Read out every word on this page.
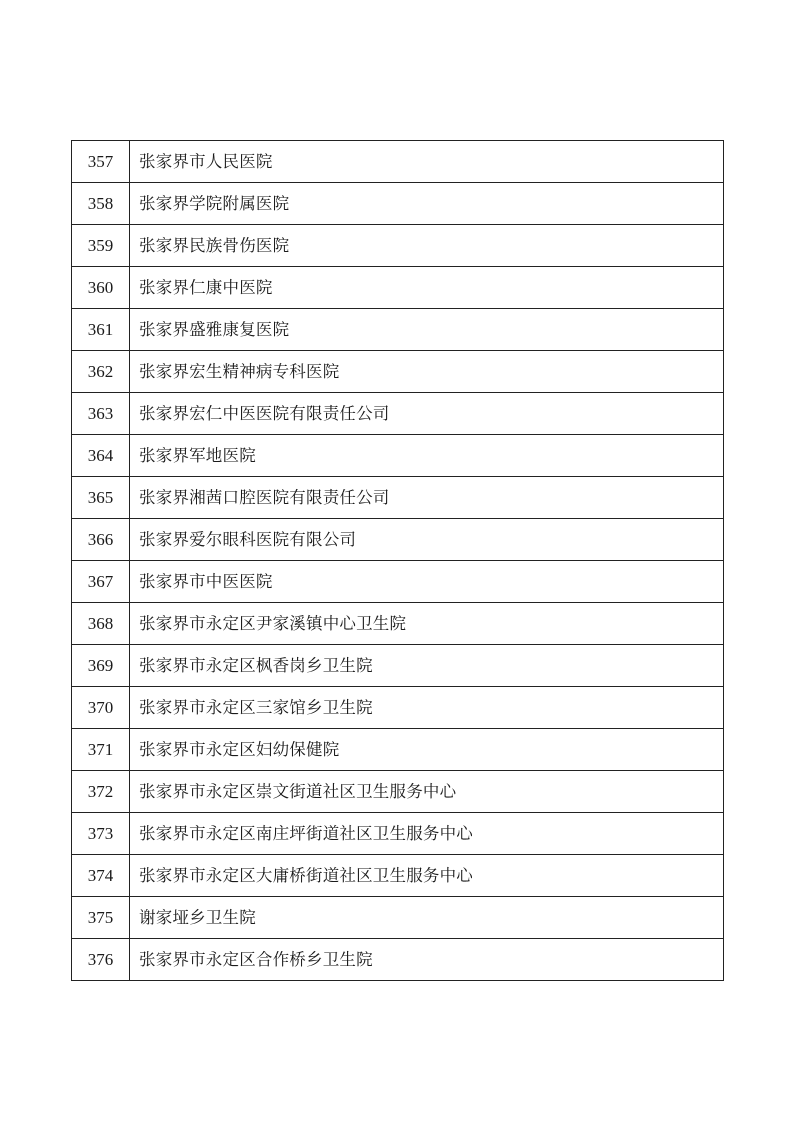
357	张家界市人民医院
358	张家界学院附属医院
359	张家界民族骨伤医院
360	张家界仁康中医院
361	张家界盛雅康复医院
362	张家界宏生精神病专科医院
363	张家界宏仁中医医院有限责任公司
364	张家界军地医院
365	张家界湘茜口腔医院有限责任公司
366	张家界爱尔眼科医院有限公司
367	张家界市中医医院
368	张家界市永定区尹家溪镇中心卫生院
369	张家界市永定区枫香岗乡卫生院
370	张家界市永定区三家馆乡卫生院
371	张家界市永定区妇幼保健院
372	张家界市永定区崇文街道社区卫生服务中心
373	张家界市永定区南庄坪街道社区卫生服务中心
374	张家界市永定区大庸桥街道社区卫生服务中心
375	谢家垭乡卫生院
376	张家界市永定区合作桥乡卫生院
